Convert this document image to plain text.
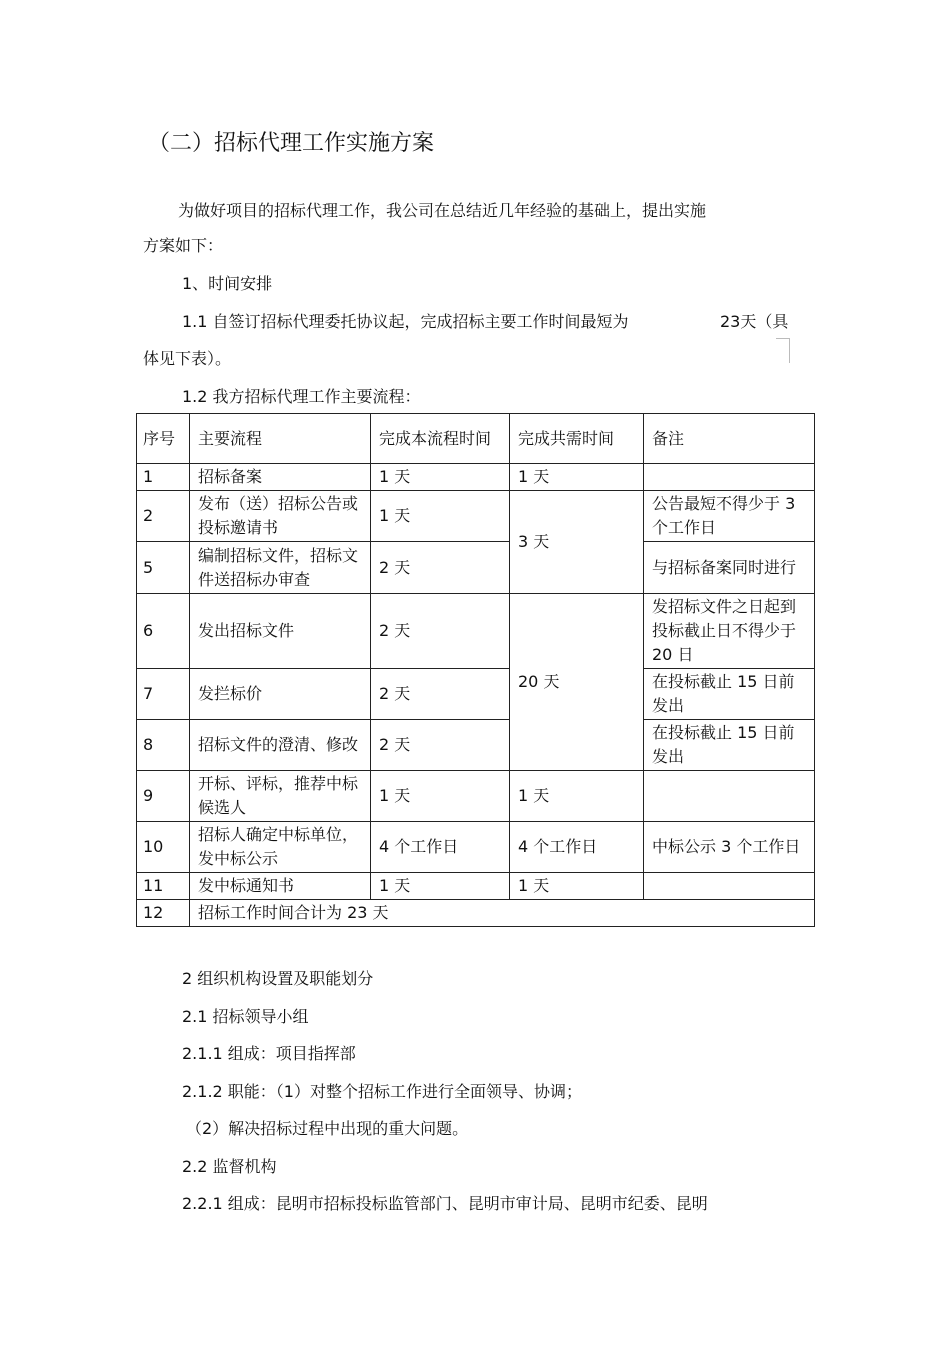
（二）招标代理工作实施方案
为做好项目的招标代理工作，我公司在总结近几年经验的基础上，提出实施
方案如下：
1、时间安排
1.1 自签订招标代理委托协议起，完成招标主要工作时间最短为	23天（具
体见下表）。
1.2 我方招标代理工作主要流程：
序号	主要流程	完成本流程时间	完成共需时间	备注
1	招标备案	1 天	1 天	
2	发布（送）招标公告或投标邀请书	1 天	3 天	公告最短不得少于 3 个工作日
5	编制招标文件，招标文件送招标办审查	2 天		与招标备案同时进行
6	发出招标文件	2 天	20 天	发招标文件之日起到投标截止日不得少于 20 日
7	发拦标价	2 天		在投标截止 15 日前发出
8	招标文件的澄清、修改	2 天		在投标截止 15 日前发出
9	开标、评标，推荐中标候选人	1 天	1 天	
10	招标人确定中标单位，发中标公示	4 个工作日	4 个工作日	中标公示 3 个工作日
11	发中标通知书	1 天	1 天	
12	招标工作时间合计为 23 天			
2 组织机构设置及职能划分
2.1 招标领导小组
2.1.1 组成：项目指挥部
2.1.2 职能：（1）对整个招标工作进行全面领导、协调；
（2）解决招标过程中出现的重大问题。
2.2 监督机构
2.2.1 组成：昆明市招标投标监管部门、昆明市审计局、昆明市纪委、昆明
